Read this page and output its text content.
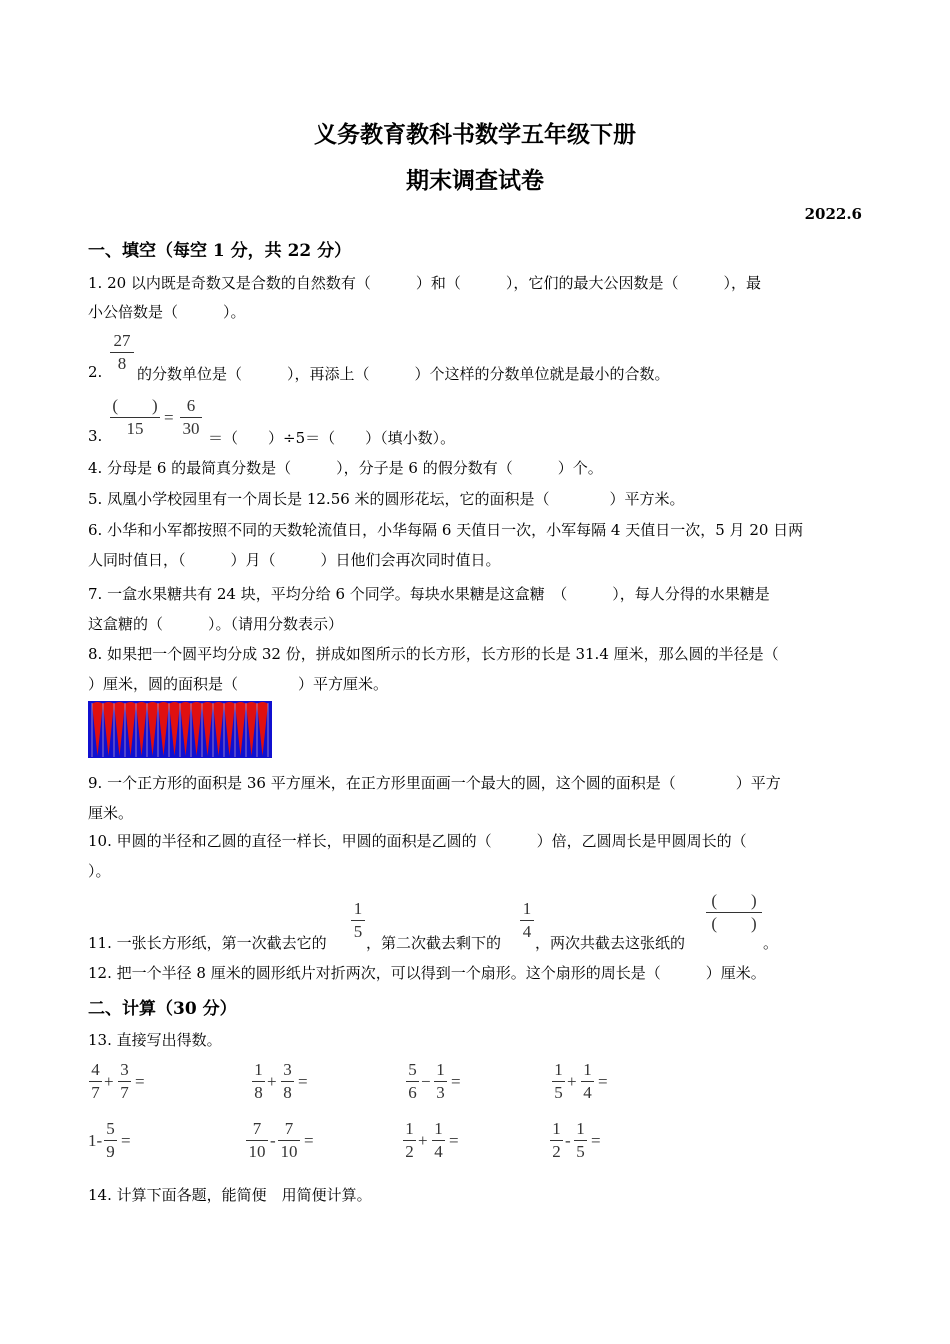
义务教育教科书数学五年级下册
期末调查试卷
2022.6
一、填空（每空 1 分，共 22 分）
1. 20 以内既是奇数又是合数的自然数有（　　　）和（　　　），它们的最大公因数是（　　　），最
小公倍数是（　　　）。
2.
27
8
的分数单位是（　　　），再添上（　　　）个这样的分数单位就是最小的合数。
3.
(　　)
15
=
6
30 ＝（　　）÷5＝（　　）（填小数）。
4. 分母是 6 的最简真分数是（　　　），分子是 6 的假分数有（　　　）个。
5. 凤凰小学校园里有一个周长是 12.56 米的圆形花坛，它的面积是（　　　　）平方米。
6. 小华和小军都按照不同的天数轮流值日，小华每隔 6 天值日一次，小军每隔 4 天值日一次，5 月 20 日两
人同时值日，（　　　）月（　　　）日他们会再次同时值日。
7. 一盒水果糖共有 24 块，平均分给 6 个同学。每块水果糖是这盒糖　（　　　），每人分得的水果糖是
这盒糖的（　　　）。（请用分数表示）
8. 如果把一个圆平均分成 32 份，拼成如图所示的长方形，长方形的长是 31.4 厘米，那么圆的半径是（
）厘米，圆的面积是（　　　　）平方厘米。
9. 一个正方形的面积是 36 平方厘米，在正方形里面画一个最大的圆，这个圆的面积是（　　　　）平方
厘米。
10. 甲圆的半径和乙圆的直径一样长，甲圆的面积是乙圆的（　　　）倍，乙圆周长是甲圆周长的（
）。
11. 一张长方形纸，第一次截去它的
1
5
，第二次截去剩下的
1
4
，两次共截去这张纸的
(　　)
(　　)
。
12. 把一个半径 8 厘米的圆形纸片对折两次，可以得到一个扇形。这个扇形的周长是（　　　）厘米。
二、计算（30 分）
13. 直接写出得数。
4
7
+
3
7
=
1
8
+
3
8
=
5
6
−
1
3
=
1
5
+
1
4
=
1-
5
9
=
7
10
-
7
10
=
1
2
+
1
4
=
1
2
-
1
5
=
14. 计算下面各题，能简便　用简便计算。
